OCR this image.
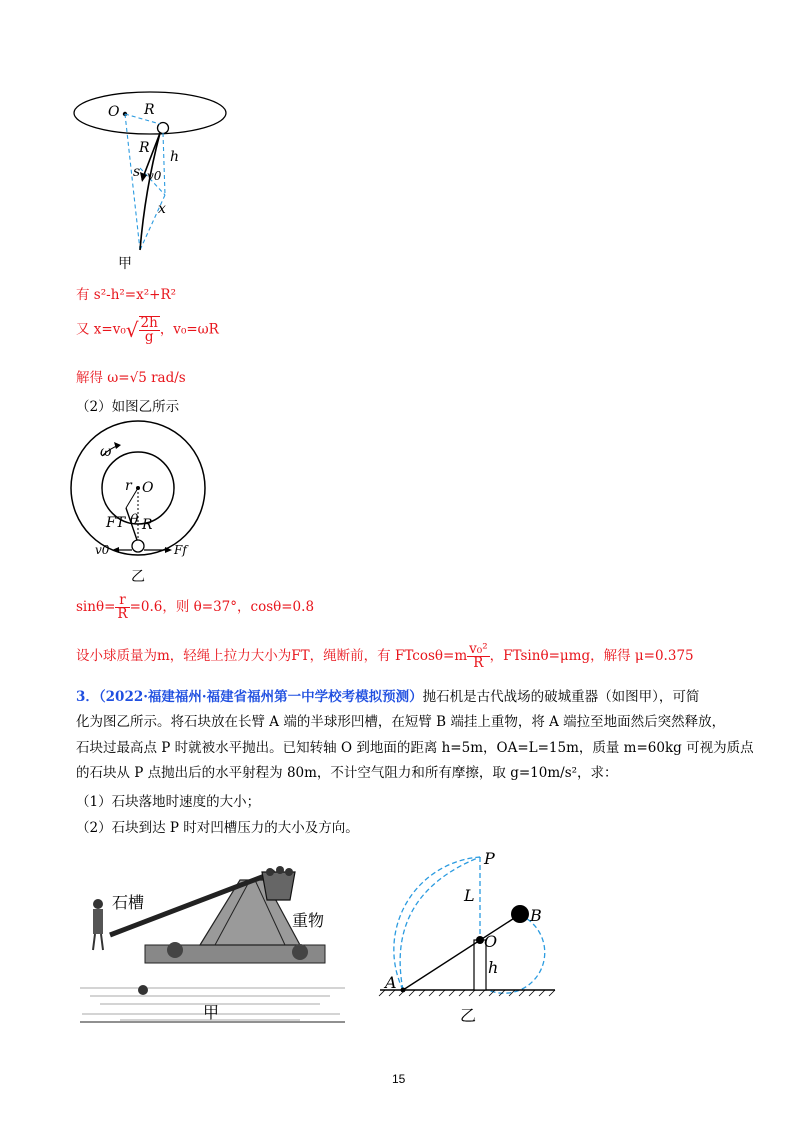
O R
R
h
s v0
x
甲
有 s²-h²=x²+R²
又 $x=v_0√ \frac{2h}{g}$ ，v₀=ωR
解得 ω=√5 rad/s
（2）如图乙所示
ω
r O
FT θ R
v0	Ff
乙
$\sin\theta= \frac{r}{R} =0.6$，则 θ=37°，cosθ=0.8
设小球质量为m，轻绳上拉力大小为FT，绳断前，有 $FTcos\theta=m \frac{\text{v₀²}}{R}$ ，FTsinθ=μmg，解得 μ=0.375
3．（2022·福建福州·福建省福州第一中学校考模拟预测）抛石机是古代战场的破城重器（如图甲），可简
化为图乙所示。将石块放在长臂 A 端的半球形凹槽，在短臂 B 端挂上重物，将 A 端拉至地面然后突然释放，
石块过最高点 P 时就被水平抛出。已知转轴 O 到地面的距离 h=5m，OA=L=15m，质量 m=60kg 可视为质点
的石块从 P 点抛出后的水平射程为 80m，不计空气阻力和所有摩擦，取 g=10m/s²，求：
（1）石块落地时速度的大小；
（2）石块到达 P 时对凹槽压力的大小及方向。
石槽
重物
甲
P
L
O
B
A
h
乙
15
